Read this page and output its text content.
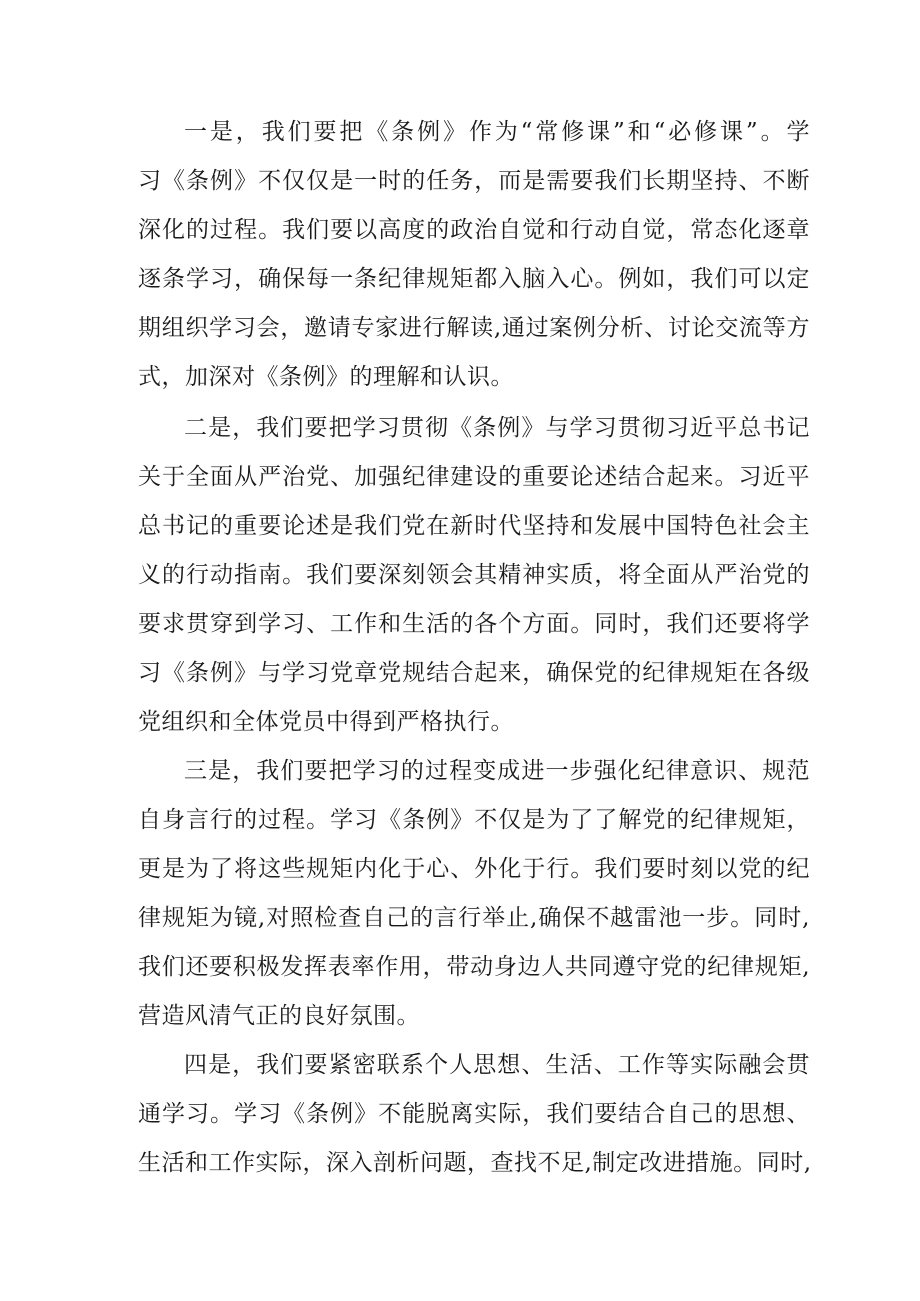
一是，我们要把《条例》作为“常修课”和“必修课”。学
习《条例》不仅仅是一时的任务，而是需要我们长期坚持、不断
深化的过程。我们要以高度的政治自觉和行动自觉，常态化逐章
逐条学习，确保每一条纪律规矩都入脑入心。例如，我们可以定
期组织学习会，邀请专家进行解读,通过案例分析、讨论交流等方
式，加深对《条例》的理解和认识。
二是，我们要把学习贯彻《条例》与学习贯彻习近平总书记
关于全面从严治党、加强纪律建设的重要论述结合起来。习近平
总书记的重要论述是我们党在新时代坚持和发展中国特色社会主
义的行动指南。我们要深刻领会其精神实质，将全面从严治党的
要求贯穿到学习、工作和生活的各个方面。同时，我们还要将学
习《条例》与学习党章党规结合起来，确保党的纪律规矩在各级
党组织和全体党员中得到严格执行。
三是，我们要把学习的过程变成进一步强化纪律意识、规范
自身言行的过程。学习《条例》不仅是为了了解党的纪律规矩，
更是为了将这些规矩内化于心、外化于行。我们要时刻以党的纪
律规矩为镜,对照检查自己的言行举止,确保不越雷池一步。同时,
我们还要积极发挥表率作用，带动身边人共同遵守党的纪律规矩,
营造风清气正的良好氛围。
四是，我们要紧密联系个人思想、生活、工作等实际融会贯
通学习。学习《条例》不能脱离实际，我们要结合自己的思想、
生活和工作实际，深入剖析问题，查找不足,制定改进措施。同时,
